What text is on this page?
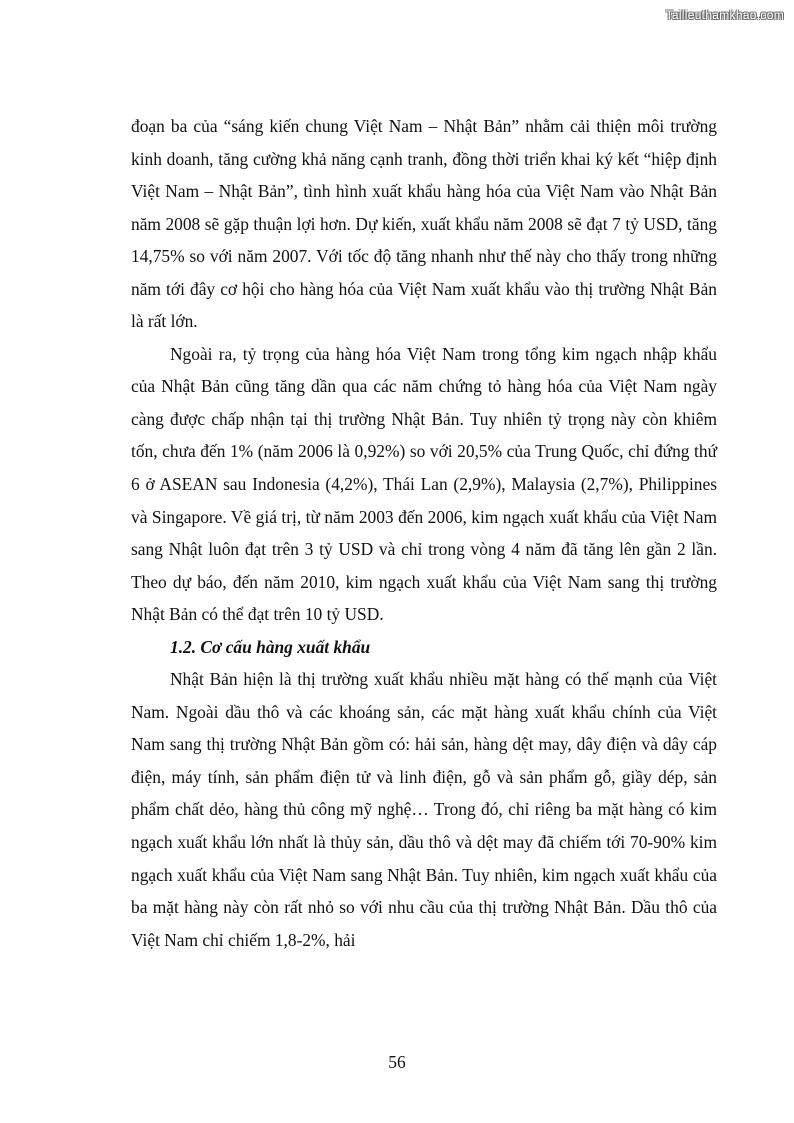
Tailieuthamkhao.com

đoạn ba của “sáng kiến chung Việt Nam – Nhật Bản” nhằm cải thiện môi trường kinh doanh, tăng cường khả năng cạnh tranh, đồng thời triển khai ký kết “hiệp định Việt Nam – Nhật Bản”, tình hình xuất khẩu hàng hóa của Việt Nam vào Nhật Bản năm 2008 sẽ gặp thuận lợi hơn. Dự kiến, xuất khẩu năm 2008 sẽ đạt 7 tỷ USD, tăng 14,75% so với năm 2007. Với tốc độ tăng nhanh như thế này cho thấy trong những năm tới đây cơ hội cho hàng hóa của Việt Nam xuất khẩu vào thị trường Nhật Bản là rất lớn.

Ngoài ra, tỷ trọng của hàng hóa Việt Nam trong tổng kim ngạch nhập khẩu của Nhật Bản cũng tăng dần qua các năm chứng tỏ hàng hóa của Việt Nam ngày càng được chấp nhận tại thị trường Nhật Bản. Tuy nhiên tỷ trọng này còn khiêm tốn, chưa đến 1% (năm 2006 là 0,92%) so với 20,5% của Trung Quốc, chỉ đứng thứ 6 ở ASEAN sau Indonesia (4,2%), Thái Lan (2,9%), Malaysia (2,7%), Philippines và Singapore. Về giá trị, từ năm 2003 đến 2006, kim ngạch xuất khẩu của Việt Nam sang Nhật luôn đạt trên 3 tỷ USD và chỉ trong vòng 4 năm đã tăng lên gần 2 lần. Theo dự báo, đến năm 2010, kim ngạch xuất khẩu của Việt Nam sang thị trường Nhật Bản có thể đạt trên 10 tỷ USD.

1.2. Cơ cấu hàng xuất khẩu

Nhật Bản hiện là thị trường xuất khẩu nhiều mặt hàng có thế mạnh của Việt Nam. Ngoài dầu thô và các khoáng sản, các mặt hàng xuất khẩu chính của Việt Nam sang thị trường Nhật Bản gồm có: hải sản, hàng dệt may, dây điện và dây cáp điện, máy tính, sản phẩm điện tử và linh điện, gỗ và sản phẩm gỗ, giầy dép, sản phẩm chất dẻo, hàng thủ công mỹ nghệ… Trong đó, chỉ riêng ba mặt hàng có kim ngạch xuất khẩu lớn nhất là thủy sản, dầu thô và dệt may đã chiếm tới 70-90% kim ngạch xuất khẩu của Việt Nam sang Nhật Bản. Tuy nhiên, kim ngạch xuất khẩu của ba mặt hàng này còn rất nhỏ so với nhu cầu của thị trường Nhật Bản. Dầu thô của Việt Nam chỉ chiếm 1,8-2%, hải

56
